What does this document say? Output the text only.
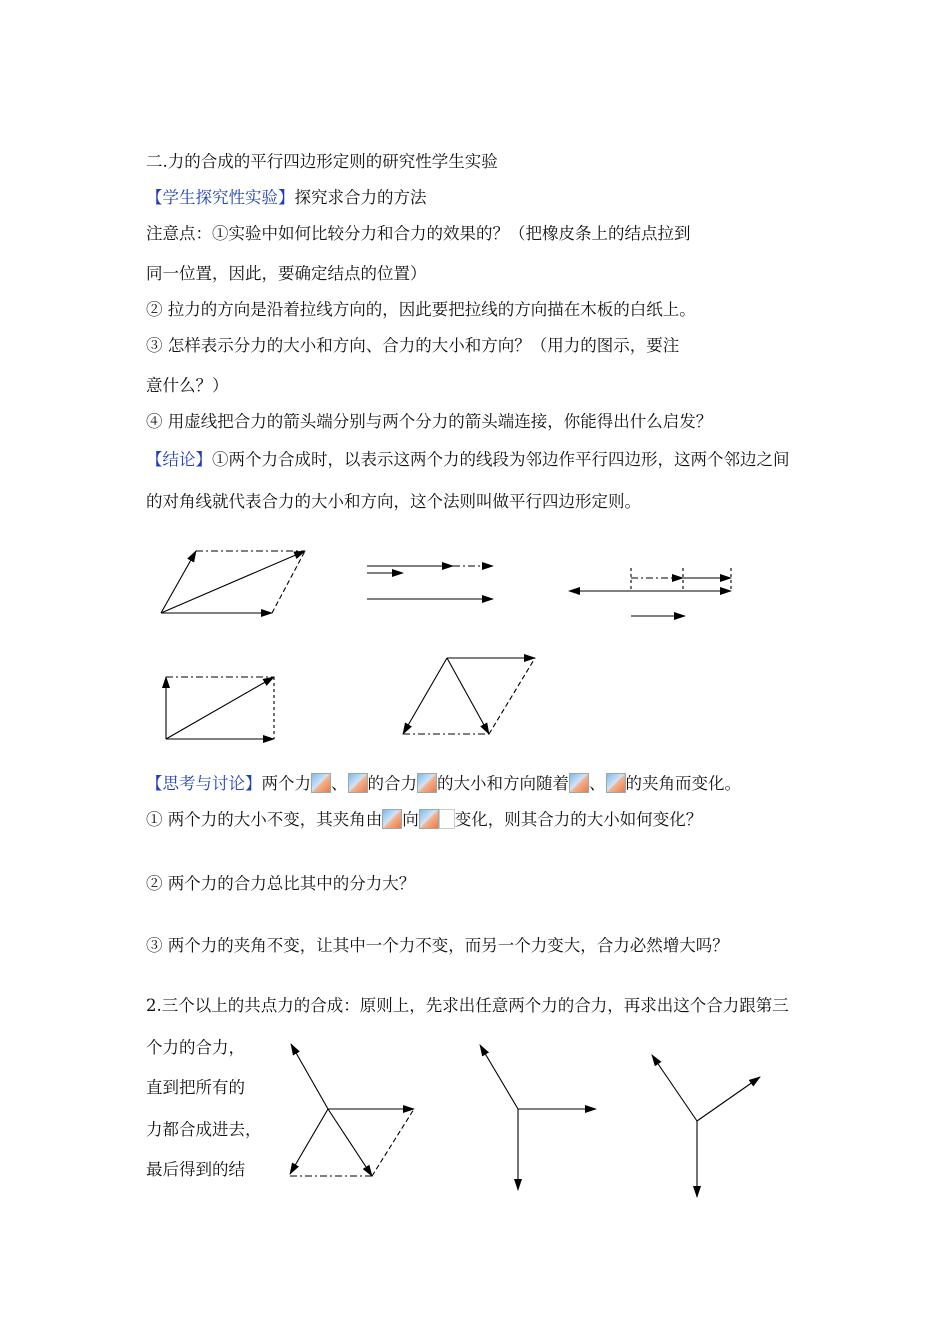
二.力的合成的平行四边形定则的研究性学生实验
【学生探究性实验】探究求合力的方法
注意点：①实验中如何比较分力和合力的效果的？（把橡皮条上的结点拉到
同一位置，因此，要确定结点的位置）
② 拉力的方向是沿着拉线方向的，因此要把拉线的方向描在木板的白纸上。
③ 怎样表示分力的大小和方向、合力的大小和方向？（用力的图示，要注
意什么？）
④ 用虚线把合力的箭头端分别与两个分力的箭头端连接，你能得出什么启发？
【结论】①两个力合成时，以表示这两个力的线段为邻边作平行四边形，这两个邻边之间
的对角线就代表合力的大小和方向，这个法则叫做平行四边形定则。
【思考与讨论】两个力 、 的合力 的大小和方向随着 、 的夹角而变化。
① 两个力的大小不变，其夹角由 向 变化，则其合力的大小如何变化？
② 两个力的合力总比其中的分力大？
③ 两个力的夹角不变，让其中一个力不变，而另一个力变大，合力必然增大吗？
2.三个以上的共点力的合成：原则上，先求出任意两个力的合力，再求出这个合力跟第三
个力的合力，
直到把所有的
力都合成进去，
最后得到的结
